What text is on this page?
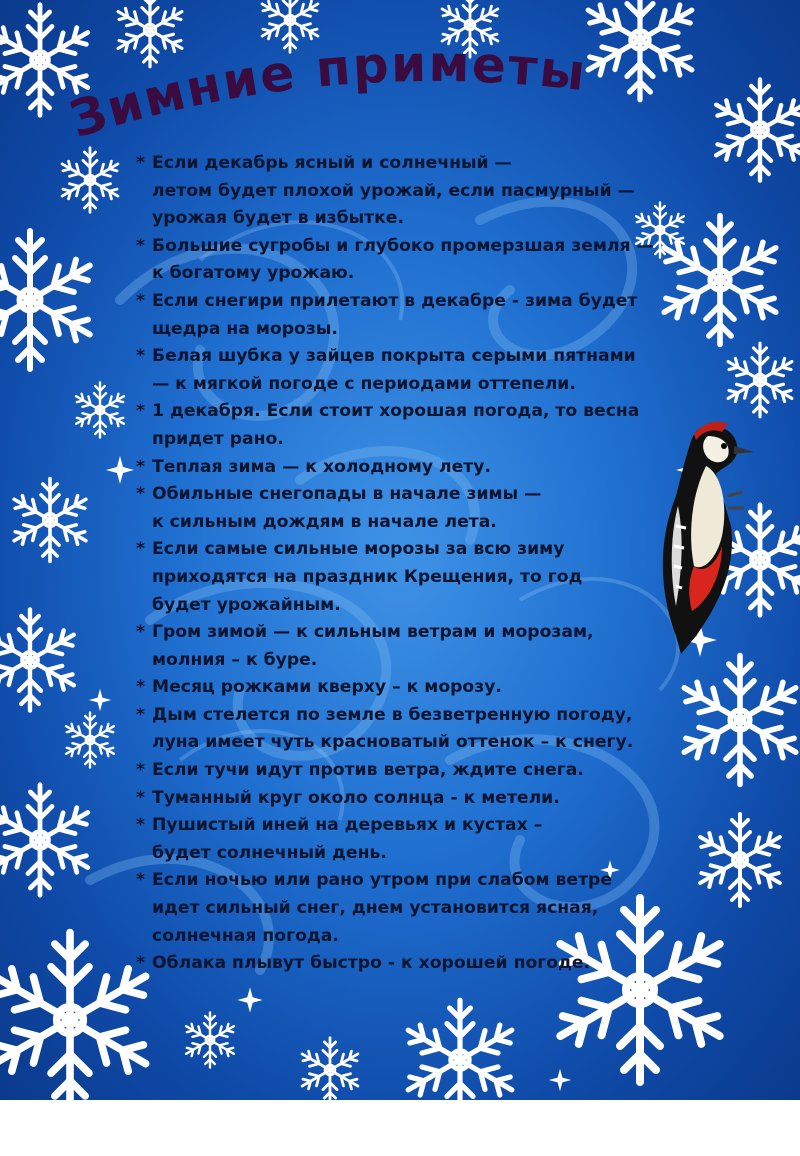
Зимние приметы
* Если декабрь ясный и солнечный —
летом будет плохой урожай, если пасмурный —
урожая будет в избытке.
* Большие сугробы и глубоко промерзшая земля —
к богатому урожаю.
* Если снегири прилетают в декабре - зима будет
щедра на морозы.
* Белая шубка у зайцев покрыта серыми пятнами
— к мягкой погоде с периодами оттепели.
* 1 декабря. Если стоит хорошая погода, то весна
придет рано.
* Теплая зима — к холодному лету.
* Обильные снегопады в начале зимы —
к сильным дождям в начале лета.
* Если самые сильные морозы за всю зиму
приходятся на праздник Крещения, то год
будет урожайным.
* Гром зимой — к сильным ветрам и морозам,
молния – к буре.
* Месяц рожками кверху – к морозу.
* Дым стелется по земле в безветренную погоду,
луна имеет чуть красноватый оттенок – к снегу.
* Если тучи идут против ветра, ждите снега.
* Туманный круг около солнца - к метели.
* Пушистый иней на деревьях и кустах –
будет солнечный день.
* Если ночью или рано утром при слабом ветре
идет сильный снег, днем установится ясная,
солнечная погода.
* Облака плывут быстро - к хорошей погоде.
